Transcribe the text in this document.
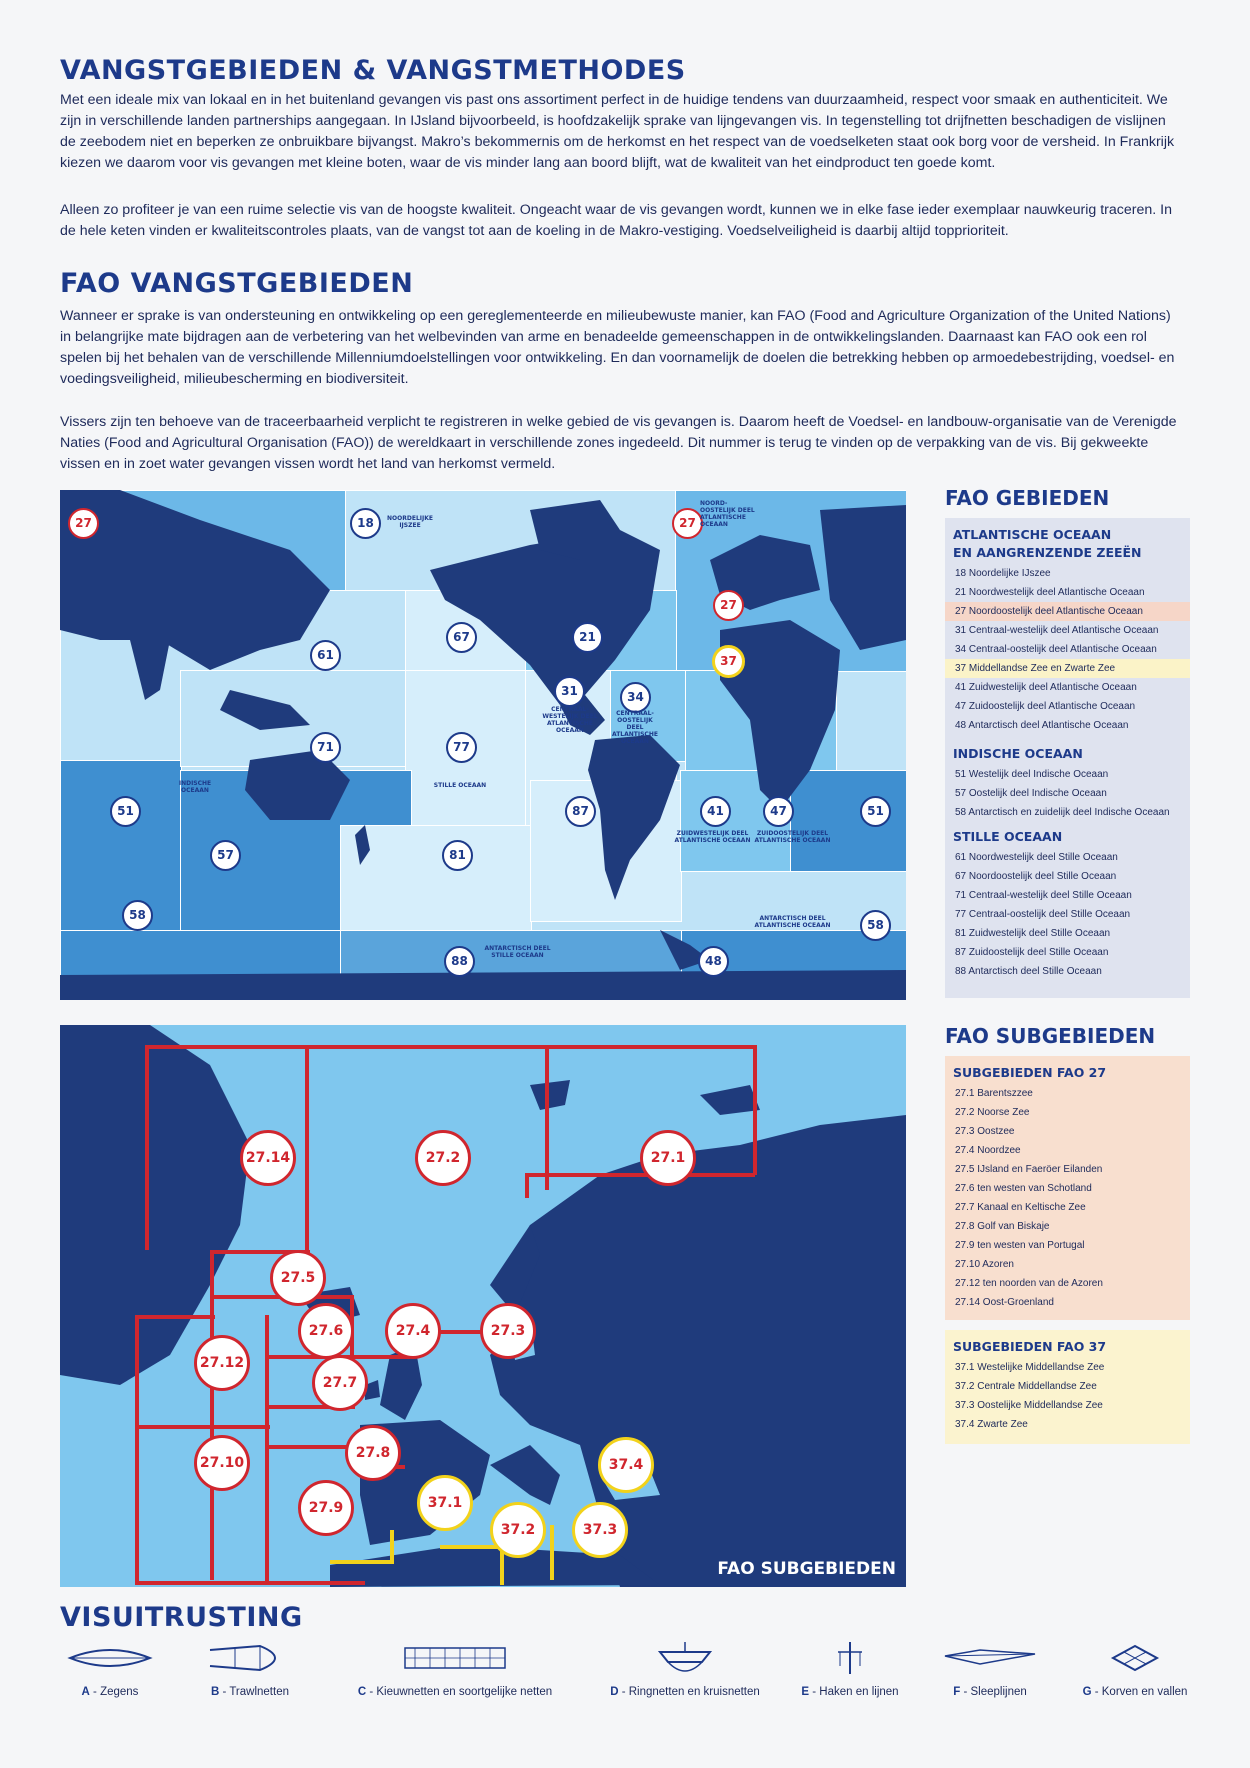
VANGSTGEBIEDEN & VANGSTMETHODES

Met een ideale mix van lokaal en in het buitenland gevangen vis past ons assortiment perfect in de huidige tendens van duurzaamheid, respect voor smaak en authenticiteit. We zijn in verschillende landen partnerships aangegaan. In IJsland bijvoorbeeld, is hoofdzakelijk sprake van lijngevangen vis. In tegenstelling tot drijfnetten beschadigen de vislijnen de zeebodem niet en beperken ze onbruikbare bijvangst. Makro’s bekommernis om de herkomst en het respect van de voedselketen staat ook borg voor de versheid. In Frankrijk kiezen we daarom voor vis gevangen met kleine boten, waar de vis minder lang aan boord blijft, wat de kwaliteit van het eindproduct ten goede komt.

Alleen zo profiteer je van een ruime selectie vis van de hoogste kwaliteit. Ongeacht waar de vis gevangen wordt, kunnen we in elke fase ieder exemplaar nauwkeurig traceren. In de hele keten vinden er kwaliteitscontroles plaats, van de vangst tot aan de koeling in de Makro-vestiging. Voedselveiligheid is daarbij altijd topprioriteit.

FAO VANGSTGEBIEDEN

Wanneer er sprake is van ondersteuning en ontwikkeling op een gereglementeerde en milieubewuste manier, kan FAO (Food and Agriculture Organization of the United Nations) in belangrijke mate bijdragen aan de verbetering van het welbevinden van arme en benadeelde gemeenschappen in de ontwikkelingslanden. Daarnaast kan FAO ook een rol spelen bij het behalen van de verschillende Millenniumdoelstellingen voor ontwikkeling. En dan voornamelijk de doelen die betrekking hebben op armoedebestrijding, voedsel- en voedingsveiligheid, milieubescherming en biodiversiteit.

Vissers zijn ten behoeve van de traceerbaarheid verplicht te registreren in welke gebied de vis gevangen is. Daarom heeft de Voedsel- en landbouw-organisatie van de Verenigde Naties (Food and Agricultural Organisation (FAO)) de wereldkaart in verschillende zones ingedeeld. Dit nummer is terug te vinden op de verpakking van de vis. Bij gekweekte vissen en in zoet water gevangen vissen wordt het land van herkomst vermeld.

27	18	NOORDELIJKE
IJSZEE	27
NOORD-
OOSTELIJK DEEL
ATLANTISCHE
OCEAAN
27
37
67	21
61
31
CENTRAAL-
WESTELIJK DEEL
ATLANTISCHE
OCEAAN
34
CENTRAAL-
OOSTELIJK
DEEL
ATLANTISCHE
OCEAAN
71	77
STILLE OCEAAN
51
INDISCHE
OCEAAN
57
87	41
ZUIDWESTELIJK DEEL
ATLANTISCHE OCEAAN
47
ZUIDOOSTELIJK DEEL
ATLANTISCHE OCEAAN
51
81
58
58
ANTARCTISCH DEEL
ATLANTISCHE OCEAAN
88
ANTARCTISCH DEEL
STILLE OCEAAN	48
27.14	27.2	27.1
27.5
27.6	27.4	27.3
27.12
27.7
27.8
27.10
27.9	37.1
37.2	37.3
37.4
FAO SUBGEBIEDEN
FAO GEBIEDEN
ATLANTISCHE OCEAAN
EN AANGRENZENDE ZEEËN
18 Noordelijke IJszee
21 Noordwestelijk deel Atlantische Oceaan
27 Noordoostelijk deel Atlantische Oceaan
31 Centraal-westelijk deel Atlantische Oceaan
34 Centraal-oostelijk deel Atlantische Oceaan
37 Middellandse Zee en Zwarte Zee
41 Zuidwestelijk deel Atlantische Oceaan
47 Zuidoostelijk deel Atlantische Oceaan
48 Antarctisch deel Atlantische Oceaan
INDISCHE OCEAAN
51 Westelijk deel Indische Oceaan
57 Oostelijk deel Indische Oceaan
58 Antarctisch en zuidelijk deel Indische Oceaan
STILLE OCEAAN
61 Noordwestelijk deel Stille Oceaan
67 Noordoostelijk deel Stille Oceaan
71 Centraal-westelijk deel Stille Oceaan
77 Centraal-oostelijk deel Stille Oceaan
81 Zuidwestelijk deel Stille Oceaan
87 Zuidoostelijk deel Stille Oceaan
88 Antarctisch deel Stille Oceaan
FAO SUBGEBIEDEN
SUBGEBIEDEN FAO 27
27.1 Barentszzee
27.2 Noorse Zee
27.3 Oostzee
27.4 Noordzee
27.5 IJsland en Faeröer Eilanden
27.6 ten westen van Schotland
27.7 Kanaal en Keltische Zee
27.8 Golf van Biskaje
27.9 ten westen van Portugal
27.10 Azoren
27.12 ten noorden van de Azoren
27.14 Oost-Groenland
SUBGEBIEDEN FAO 37
37.1 Westelijke Middellandse Zee
37.2 Centrale Middellandse Zee
37.3 Oostelijke Middellandse Zee
37.4 Zwarte Zee
VISUITRUSTING
A - Zegens	B - Trawlnetten	C - Kieuwnetten en soortgelijke netten	D - Ringnetten en kruisnetten	E - Haken en lijnen	F - Sleeplijnen	G - Korven en vallen
